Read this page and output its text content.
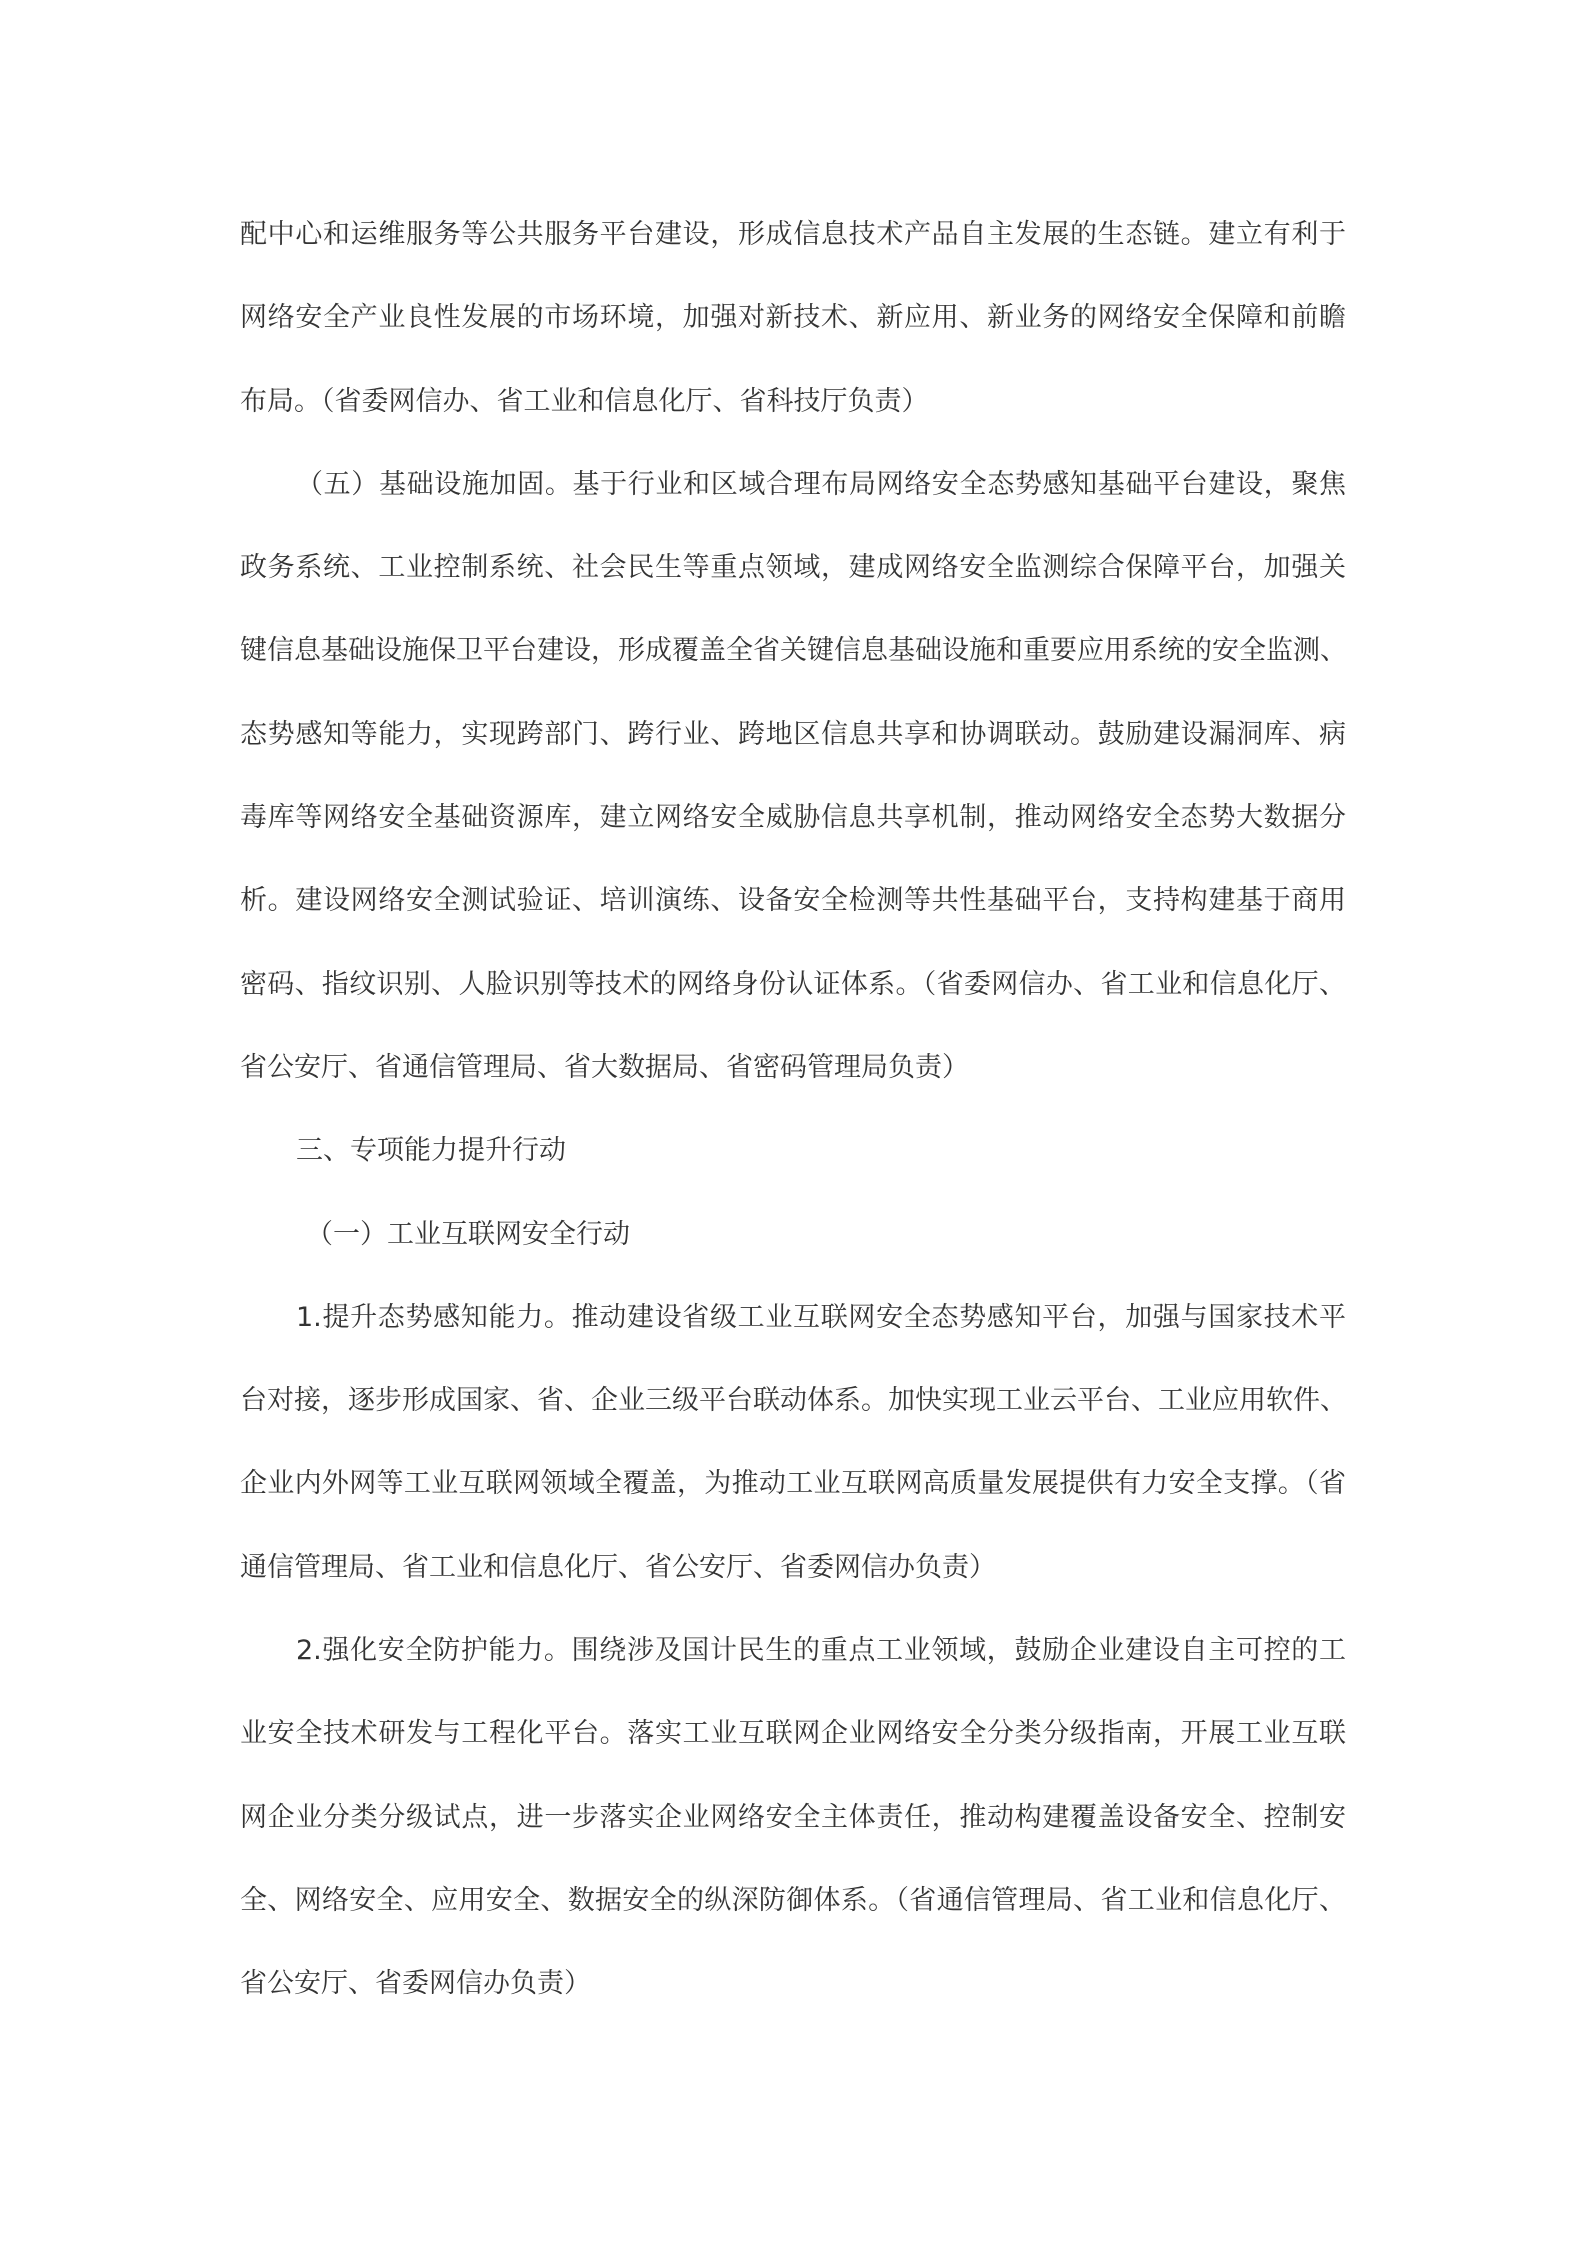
配中心和运维服务等公共服务平台建设，形成信息技术产品自主发展的生态链。建立有利于
网络安全产业良性发展的市场环境，加强对新技术、新应用、新业务的网络安全保障和前瞻
布局。（省委网信办、省工业和信息化厅、省科技厅负责）
（五）基础设施加固。基于行业和区域合理布局网络安全态势感知基础平台建设，聚焦
政务系统、工业控制系统、社会民生等重点领域，建成网络安全监测综合保障平台，加强关
键信息基础设施保卫平台建设，形成覆盖全省关键信息基础设施和重要应用系统的安全监测、
态势感知等能力，实现跨部门、跨行业、跨地区信息共享和协调联动。鼓励建设漏洞库、病
毒库等网络安全基础资源库，建立网络安全威胁信息共享机制，推动网络安全态势大数据分
析。建设网络安全测试验证、培训演练、设备安全检测等共性基础平台，支持构建基于商用
密码、指纹识别、人脸识别等技术的网络身份认证体系。（省委网信办、省工业和信息化厅、
省公安厅、省通信管理局、省大数据局、省密码管理局负责）
三、专项能力提升行动
（一）工业互联网安全行动
1.提升态势感知能力。推动建设省级工业互联网安全态势感知平台，加强与国家技术平
台对接，逐步形成国家、省、企业三级平台联动体系。加快实现工业云平台、工业应用软件、
企业内外网等工业互联网领域全覆盖，为推动工业互联网高质量发展提供有力安全支撑。（省
通信管理局、省工业和信息化厅、省公安厅、省委网信办负责）
2.强化安全防护能力。围绕涉及国计民生的重点工业领域，鼓励企业建设自主可控的工
业安全技术研发与工程化平台。落实工业互联网企业网络安全分类分级指南，开展工业互联
网企业分类分级试点，进一步落实企业网络安全主体责任，推动构建覆盖设备安全、控制安
全、网络安全、应用安全、数据安全的纵深防御体系。（省通信管理局、省工业和信息化厅、
省公安厅、省委网信办负责）
